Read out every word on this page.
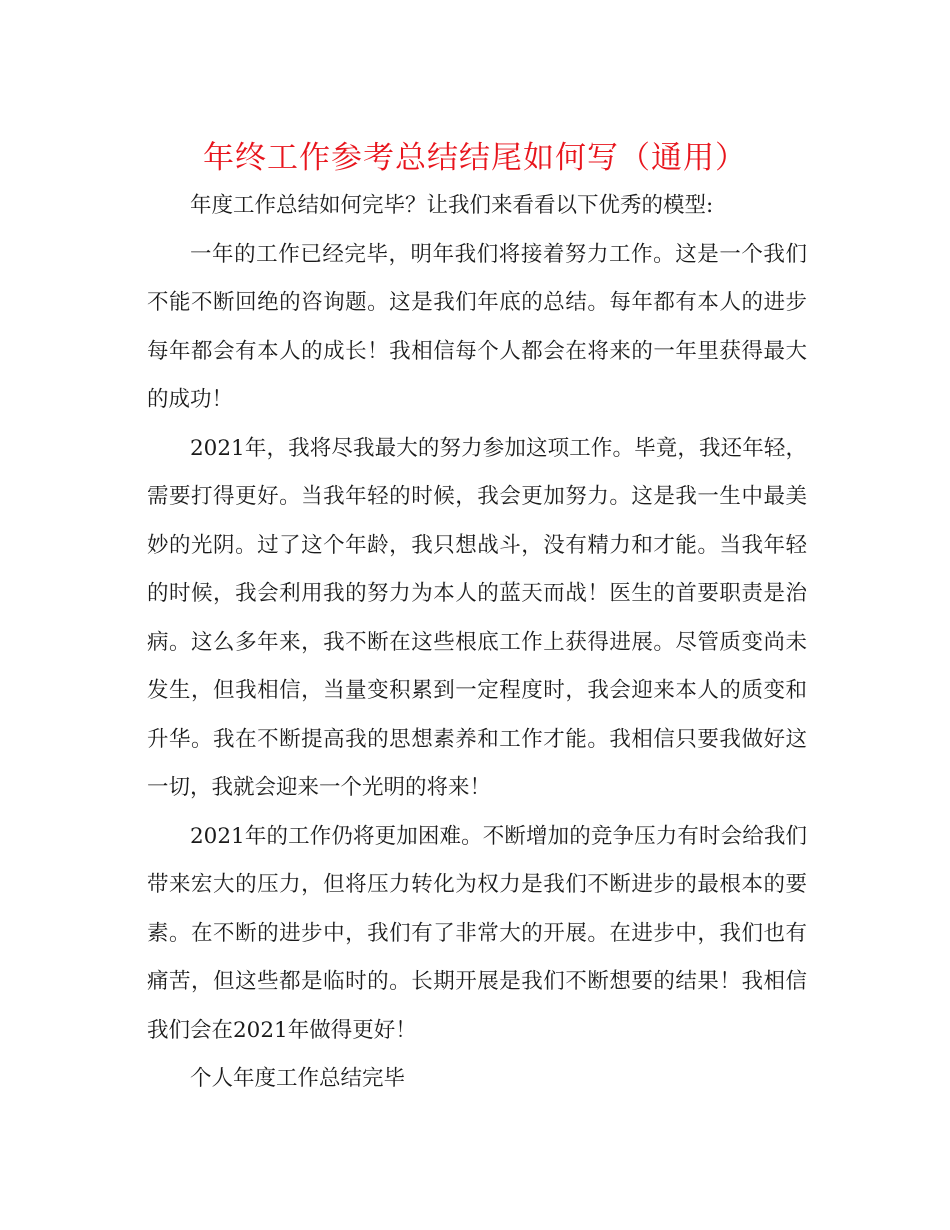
年终工作参考总结结尾如何写（通用）

年度工作总结如何完毕？让我们来看看以下优秀的模型:

一年的工作已经完毕，明年我们将接着努力工作。这是一个我们不能不断回绝的咨询题。这是我们年底的总结。每年都有本人的进步每年都会有本人的成长！我相信每个人都会在将来的一年里获得最大的成功！

2021年，我将尽我最大的努力参加这项工作。毕竟，我还年轻，需要打得更好。当我年轻的时候，我会更加努力。这是我一生中最美妙的光阴。过了这个年龄，我只想战斗，没有精力和才能。当我年轻的时候，我会利用我的努力为本人的蓝天而战！医生的首要职责是治病。这么多年来，我不断在这些根底工作上获得进展。尽管质变尚未发生，但我相信，当量变积累到一定程度时，我会迎来本人的质变和升华。我在不断提高我的思想素养和工作才能。我相信只要我做好这一切，我就会迎来一个光明的将来！

2021年的工作仍将更加困难。不断增加的竞争压力有时会给我们带来宏大的压力，但将压力转化为权力是我们不断进步的最根本的要素。在不断的进步中，我们有了非常大的开展。在进步中，我们也有痛苦，但这些都是临时的。长期开展是我们不断想要的结果！我相信我们会在2021年做得更好！

个人年度工作总结完毕
